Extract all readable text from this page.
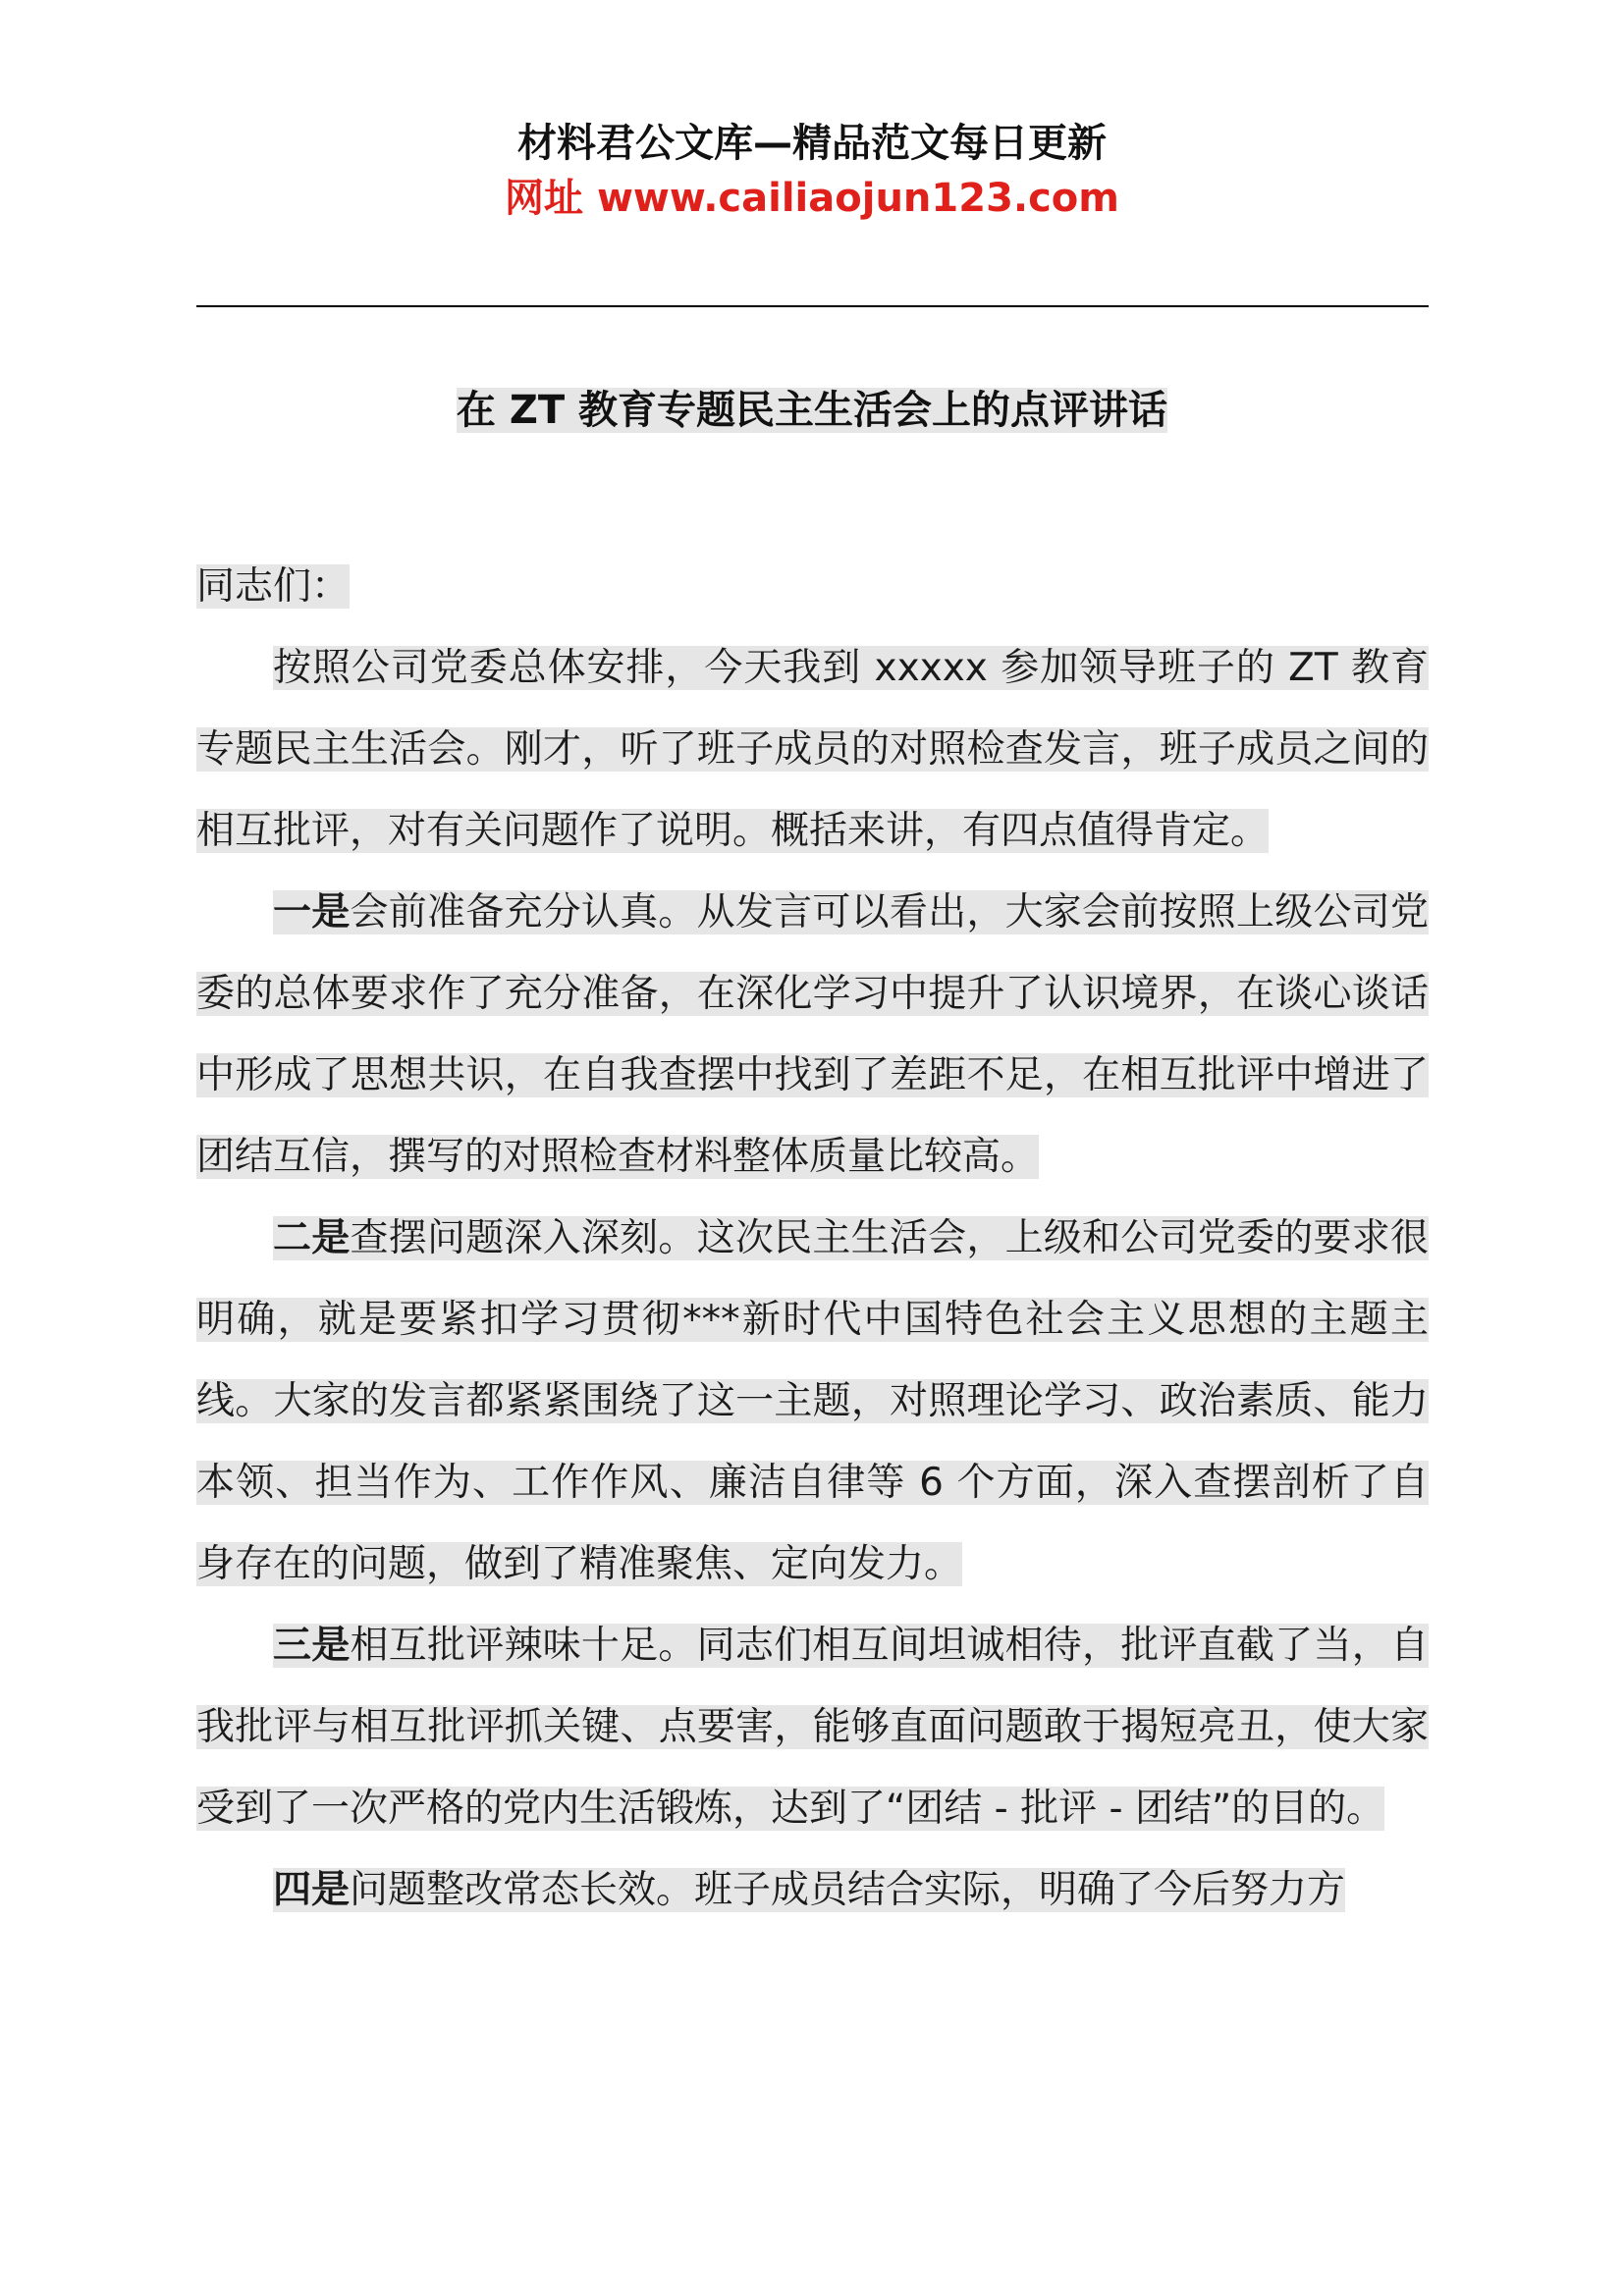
材料君公文库—精品范文每日更新
网址 www.cailiaojun123.com
在 ZT 教育专题民主生活会上的点评讲话

同志们：

按照公司党委总体安排，今天我到 xxxxx 参加领导班子的 ZT 教育专题民主生活会。刚才，听了班子成员的对照检查发言，班子成员之间的相互批评，对有关问题作了说明。概括来讲，有四点值得肯定。

一是会前准备充分认真。从发言可以看出，大家会前按照上级公司党委的总体要求作了充分准备，在深化学习中提升了认识境界，在谈心谈话中形成了思想共识，在自我查摆中找到了差距不足，在相互批评中增进了团结互信，撰写的对照检查材料整体质量比较高。

二是查摆问题深入深刻。这次民主生活会，上级和公司党委的要求很明确，就是要紧扣学习贯彻***新时代中国特色社会主义思想的主题主线。大家的发言都紧紧围绕了这一主题，对照理论学习、政治素质、能力本领、担当作为、工作作风、廉洁自律等 6 个方面，深入查摆剖析了自身存在的问题，做到了精准聚焦、定向发力。

三是相互批评辣味十足。同志们相互间坦诚相待，批评直截了当，自我批评与相互批评抓关键、点要害，能够直面问题敢于揭短亮丑，使大家受到了一次严格的党内生活锻炼，达到了“团结 - 批评 - 团结”的目的。

四是问题整改常态长效。班子成员结合实际，明确了今后努力方
